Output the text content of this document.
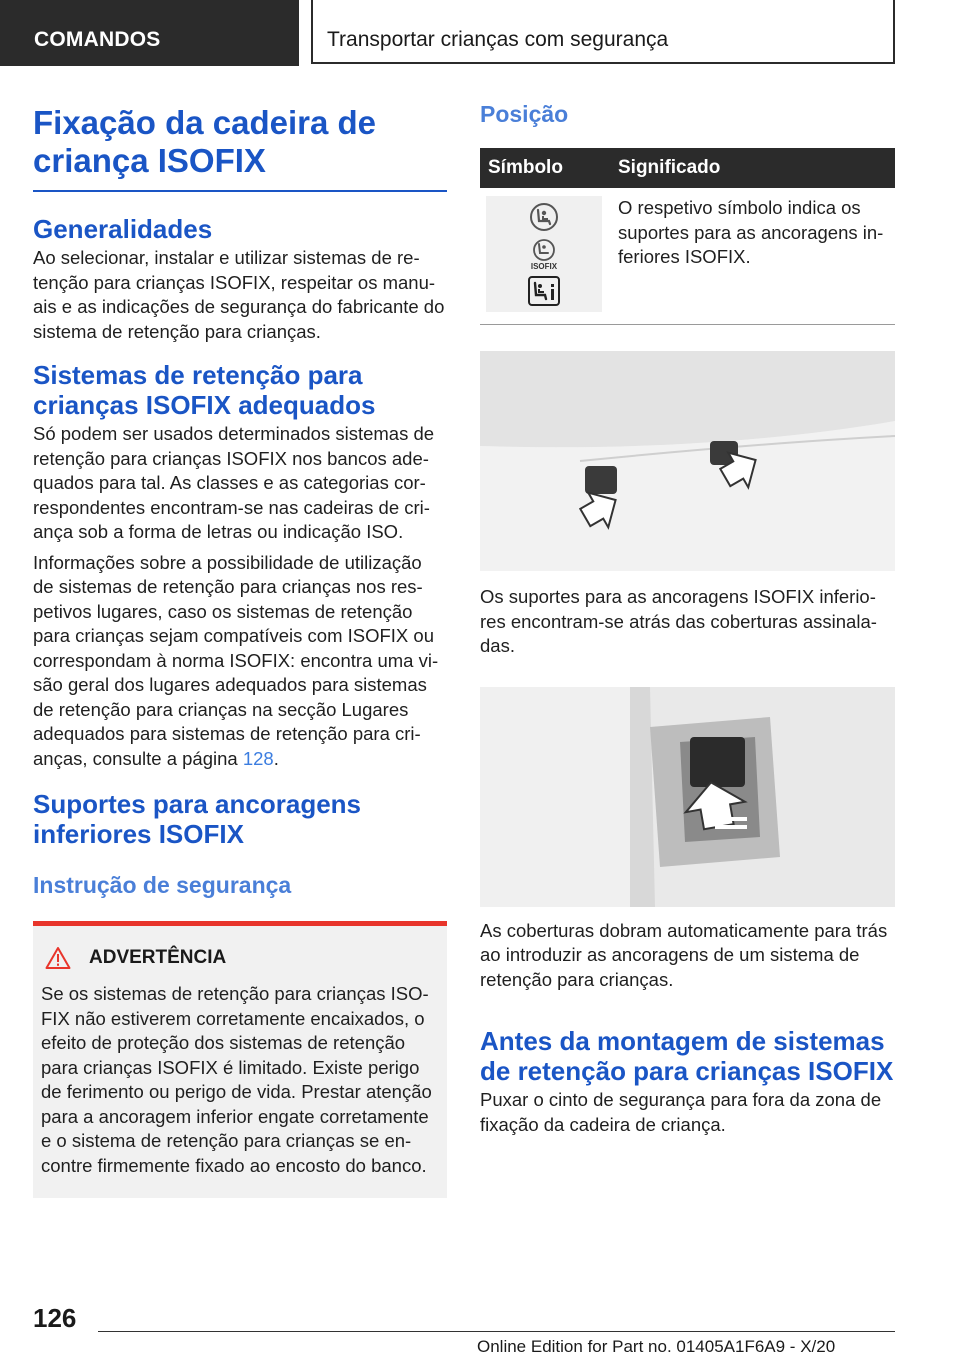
COMANDOS	Transportar crianças com segurança
Fixação da cadeira de criança ISOFIX
Generalidades

Ao selecionar, instalar e utilizar sistemas de re-tenção para crianças ISOFIX, respeitar os manu-ais e as indicações de segurança do fabricante do sistema de retenção para crianças.

Sistemas de retenção para crianças ISOFIX adequados

Só podem ser usados determinados sistemas de retenção para crianças ISOFIX nos bancos ade-quados para tal. As classes e as categorias cor-respondentes encontram-se nas cadeiras de cri-ança sob a forma de letras ou indicação ISO.

Informações sobre a possibilidade de utilização de sistemas de retenção para crianças nos res-petivos lugares, caso os sistemas de retenção para crianças sejam compatíveis com ISOFIX ou correspondam à norma ISOFIX: encontra uma vi-são geral dos lugares adequados para sistemas de retenção para crianças na secção Lugares adequados para sistemas de retenção para cri-anças, consulte a página 128.

Suportes para ancoragens inferiores ISOFIX
Instrução de segurança
ADVERTÊNCIA

Se os sistemas de retenção para crianças ISO-FIX não estiverem corretamente encaixados, o efeito de proteção dos sistemas de retenção para crianças ISOFIX é limitado. Existe perigo de ferimento ou perigo de vida. Prestar atenção para a ancoragem inferior engate corretamente e o sistema de retenção para crianças se en-contre firmemente fixado ao encosto do banco.

Posição
Símbolo	Significado

ISOFIX	O respetivo símbolo indica os suportes para as ancoragens in-feriores ISOFIX.

Os suportes para as ancoragens ISOFIX inferio-res encontram-se atrás das coberturas assinala-das.

As coberturas dobram automaticamente para trás ao introduzir as ancoragens de um sistema de retenção para crianças.

Antes da montagem de sistemas de retenção para crianças ISOFIX

Puxar o cinto de segurança para fora da zona de fixação da cadeira de criança.

126
Online Edition for Part no. 01405A1F6A9 - X/20
